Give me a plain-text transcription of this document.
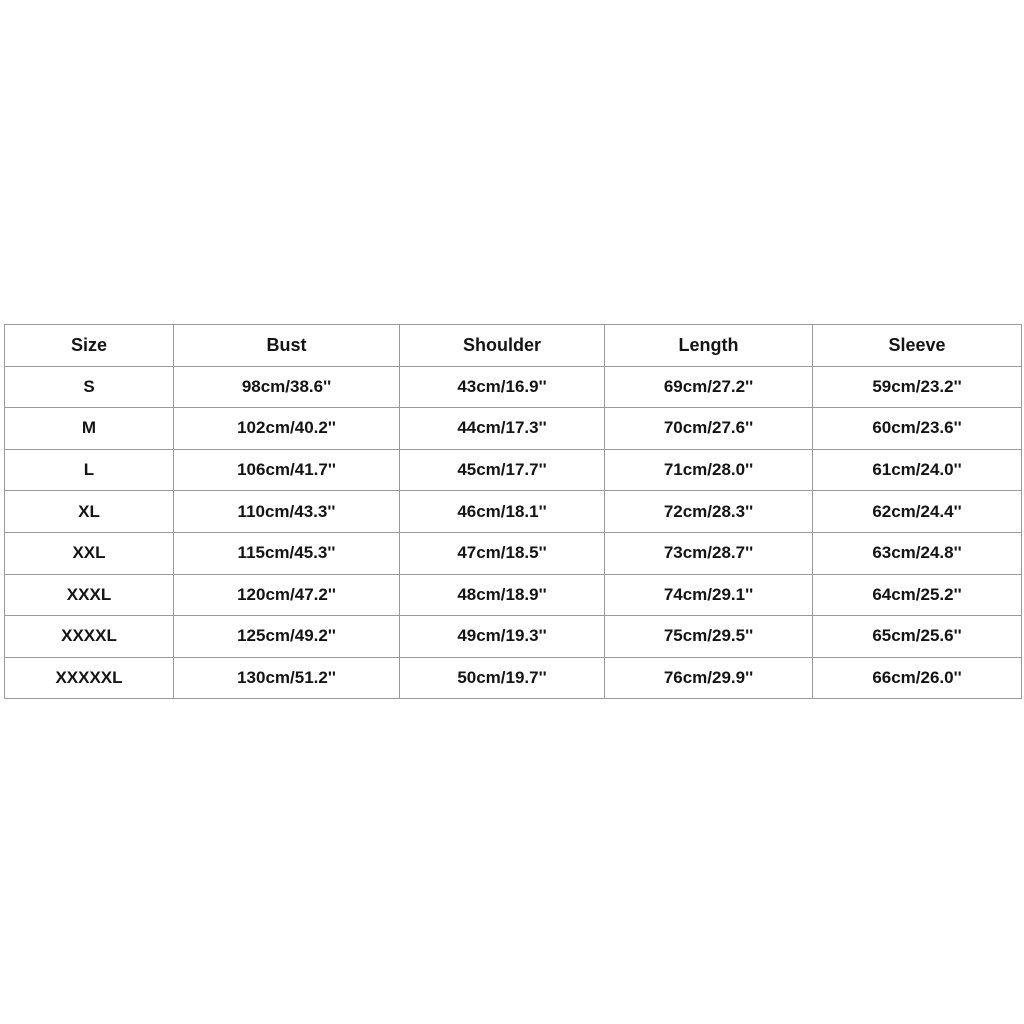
Size	Bust	Shoulder	Length	Sleeve
S	98cm/38.6''	43cm/16.9''	69cm/27.2''	59cm/23.2''
M	102cm/40.2''	44cm/17.3''	70cm/27.6''	60cm/23.6''
L	106cm/41.7''	45cm/17.7''	71cm/28.0''	61cm/24.0''
XL	110cm/43.3''	46cm/18.1''	72cm/28.3''	62cm/24.4''
XXL	115cm/45.3''	47cm/18.5''	73cm/28.7''	63cm/24.8''
XXXL	120cm/47.2''	48cm/18.9''	74cm/29.1''	64cm/25.2''
XXXXL	125cm/49.2''	49cm/19.3''	75cm/29.5''	65cm/25.6''
XXXXXL	130cm/51.2''	50cm/19.7''	76cm/29.9''	66cm/26.0''
